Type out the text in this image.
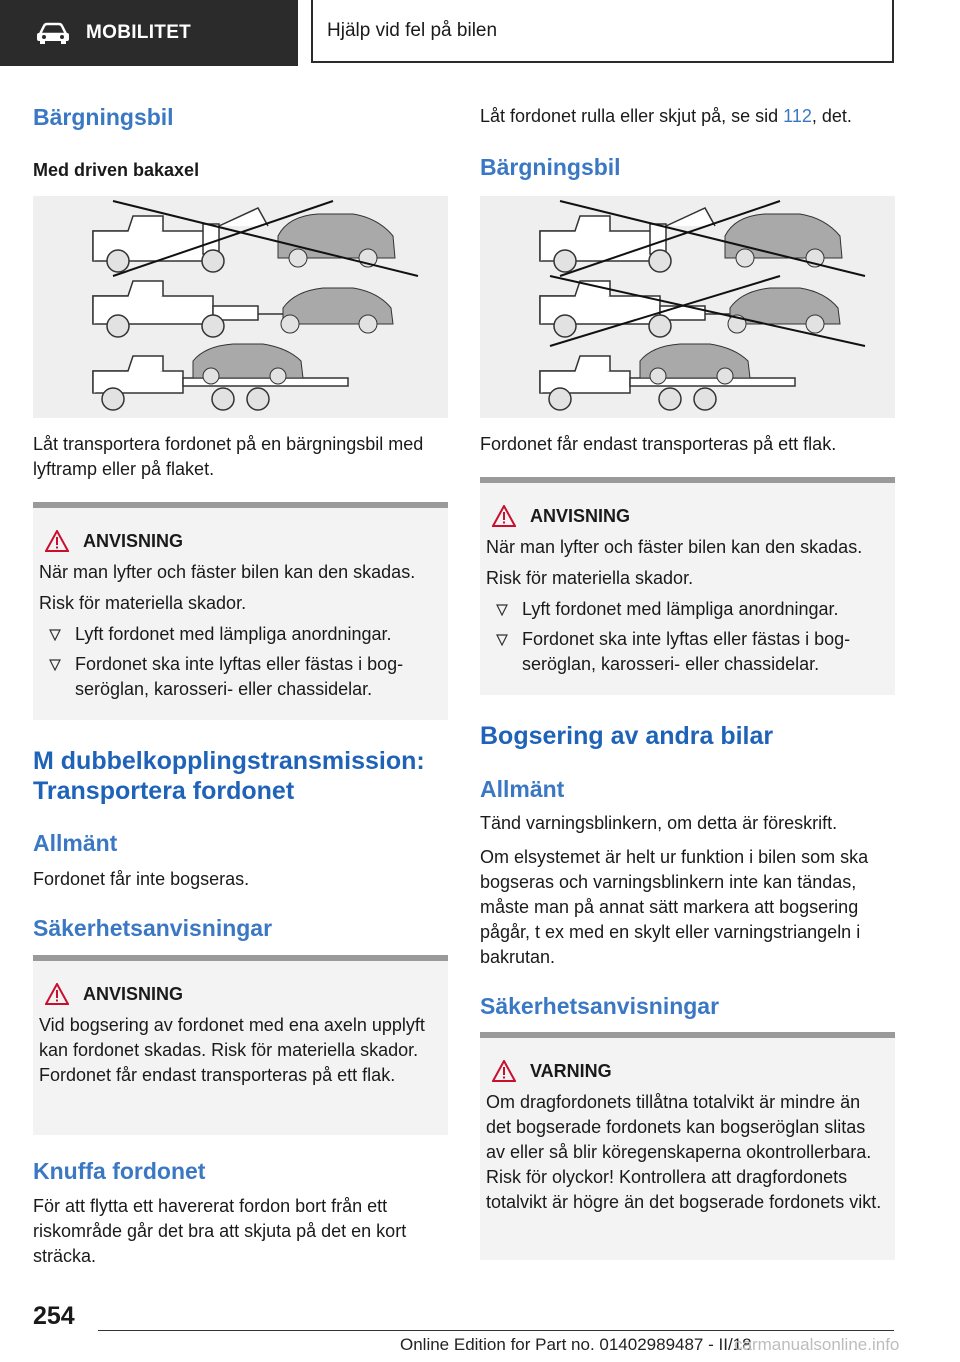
MOBILITET	Hjälp vid fel på bilen
Bärgningsbil

Med driven bakaxel

Låt transportera fordonet på en bärgningsbil med lyftramp eller på flaket.

ANVISNING

När man lyfter och fäster bilen kan den skadas.

Risk för materiella skador.

Lyft fordonet med lämpliga anordningar.
Fordonet ska inte lyftas eller fästas i bogseröglan, karosseri- eller chassidelar.
M dubbelkopplingstransmission: Transportera fordonet
Allmänt

Fordonet får inte bogseras.

Säkerhetsanvisningar
ANVISNING

Vid bogsering av fordonet med ena axeln upplyft kan fordonet skadas. Risk för materiella skador. Fordonet får endast transporteras på ett flak.

Knuffa fordonet

För att flytta ett havererat fordon bort från ett riskområde går det bra att skjuta på det en kort sträcka.

Låt fordonet rulla eller skjut på, se sid 112, det.

Bärgningsbil

Fordonet får endast transporteras på ett flak.

ANVISNING

När man lyfter och fäster bilen kan den skadas.

Risk för materiella skador.

Lyft fordonet med lämpliga anordningar.
Fordonet ska inte lyftas eller fästas i bogseröglan, karosseri- eller chassidelar.
Bogsering av andra bilar
Allmänt

Tänd varningsblinkern, om detta är föreskrift.

Om elsystemet är helt ur funktion i bilen som ska bogseras och varningsblinkern inte kan tändas, måste man på annat sätt markera att bogsering pågår, t ex med en skylt eller varningstriangeln i bakrutan.

Säkerhetsanvisningar
VARNING

Om dragfordonets tillåtna totalvikt är mindre än det bogserade fordonets kan bogseröglan slitas av eller så blir köregenskaperna okontrollerbara. Risk för olyckor! Kontrollera att dragfordonets totalvikt är högre än det bogserade fordonets vikt.

254
Online Edition for Part no. 01402989487 - II/18
carmanualsonline.info
